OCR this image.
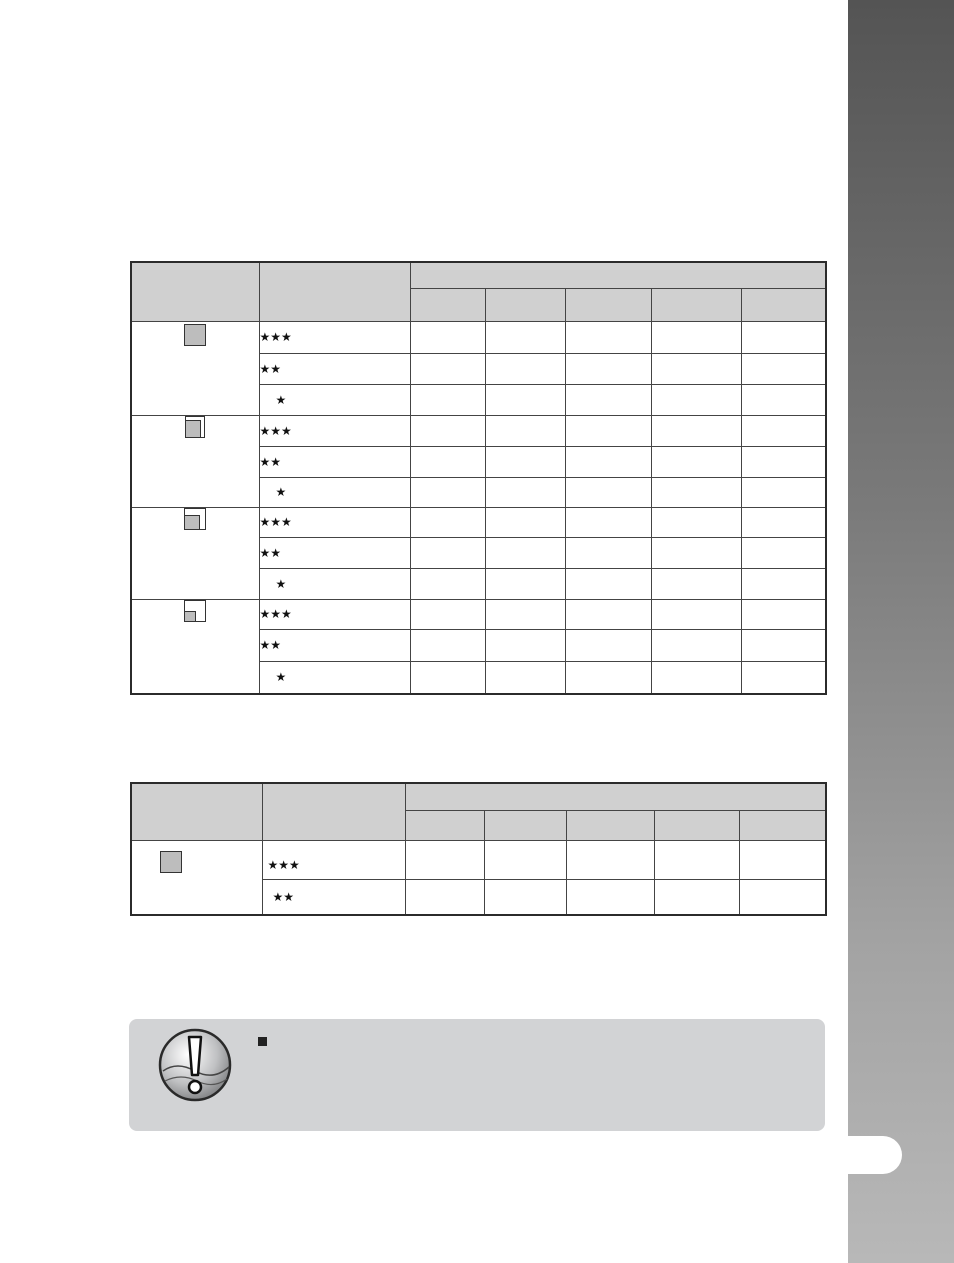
	★★★					
	★★					
	★					

	★★★					
	★★					
	★					

	★★★					
	★★					
	★					

	★★★					
	★★					
	★					

	★★★					
	★★					
